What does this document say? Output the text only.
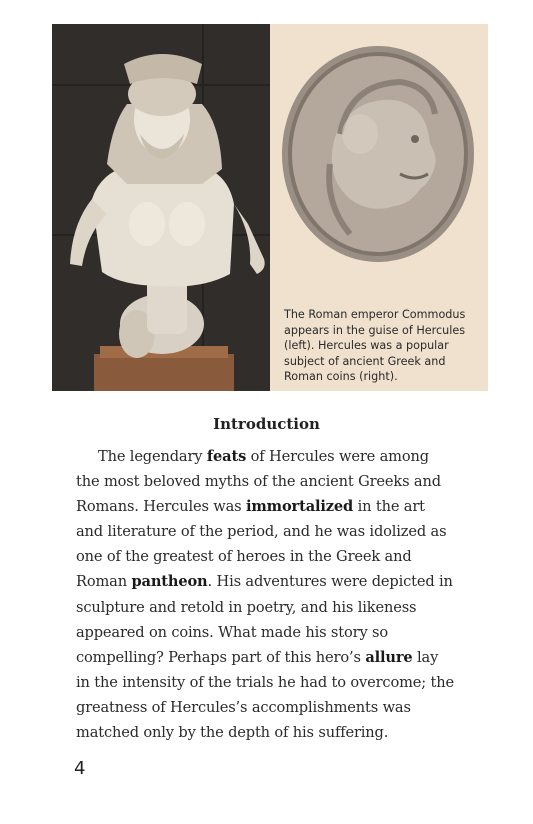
The Roman emperor Commodus appears in the guise of Hercules (left). Hercules was a popular subject of ancient Greek and Roman coins (right).
Introduction
The legendary feats of Hercules were among the most beloved myths of the ancient Greeks and Romans. Hercules was immortalized in the art and literature of the period, and he was idolized as one of the greatest of heroes in the Greek and Roman pantheon. His adventures were depicted in sculpture and retold in poetry, and his likeness appeared on coins. What made his story so compelling? Perhaps part of this hero’s allure lay in the intensity of the trials he had to overcome; the greatness of Hercules’s accomplishments was matched only by the depth of his suffering.
4
